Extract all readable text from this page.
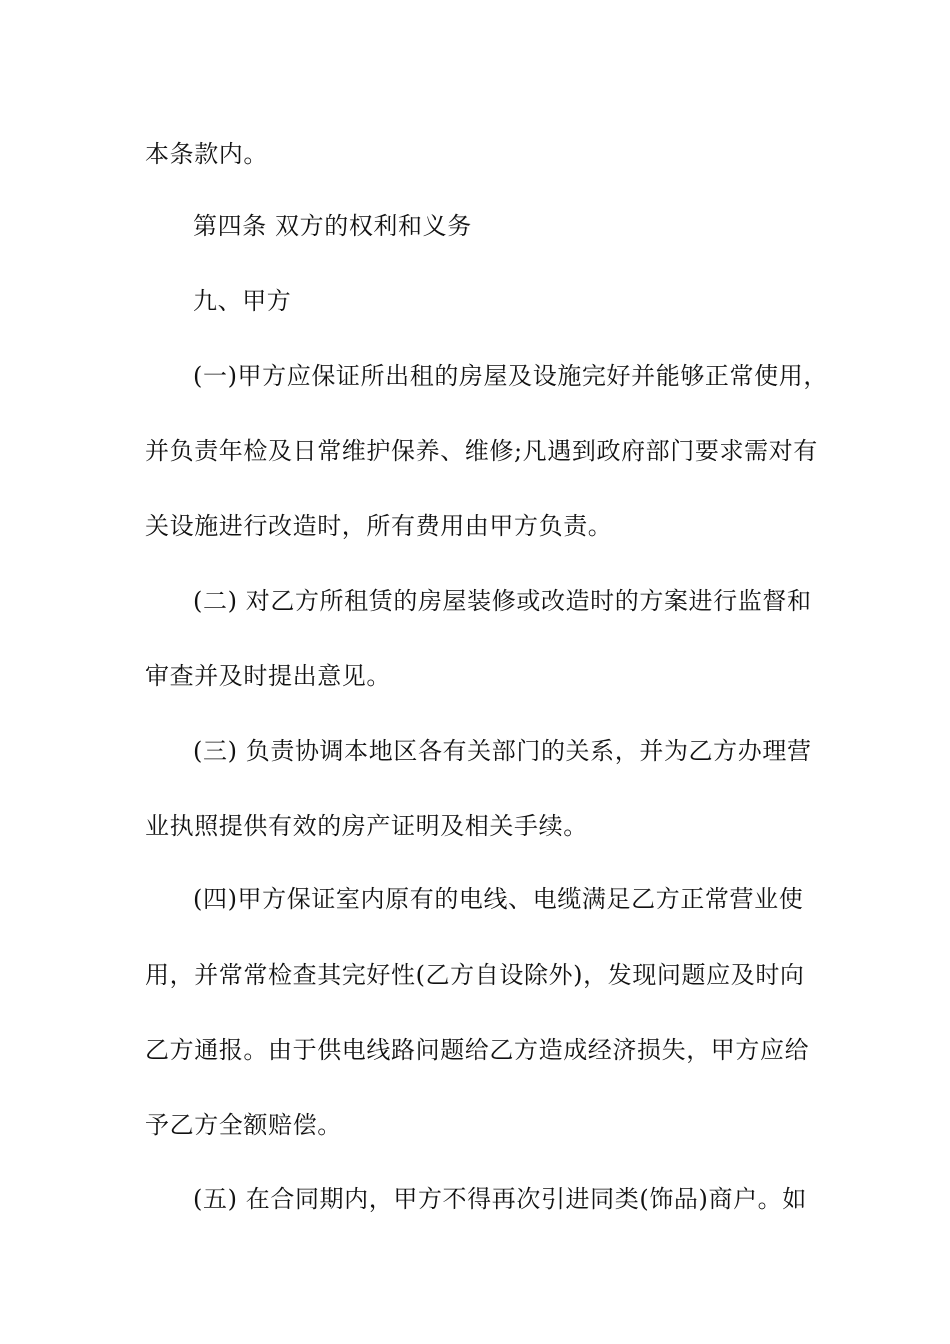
本条款内。
第四条 双方的权利和义务
九、甲方
(一)甲方应保证所出租的房屋及设施完好并能够正常使用，
并负责年检及日常维护保养、维修;凡遇到政府部门要求需对有
关设施进行改造时，所有费用由甲方负责。
(二) 对乙方所租赁的房屋装修或改造时的方案进行监督和
审查并及时提出意见。
(三) 负责协调本地区各有关部门的关系，并为乙方办理营
业执照提供有效的房产证明及相关手续。
(四)甲方保证室内原有的电线、电缆满足乙方正常营业使
用，并常常检查其完好性(乙方自设除外)，发现问题应及时向
乙方通报。由于供电线路问题给乙方造成经济损失，甲方应给
予乙方全额赔偿。
(五) 在合同期内，甲方不得再次引进同类(饰品)商户。如
